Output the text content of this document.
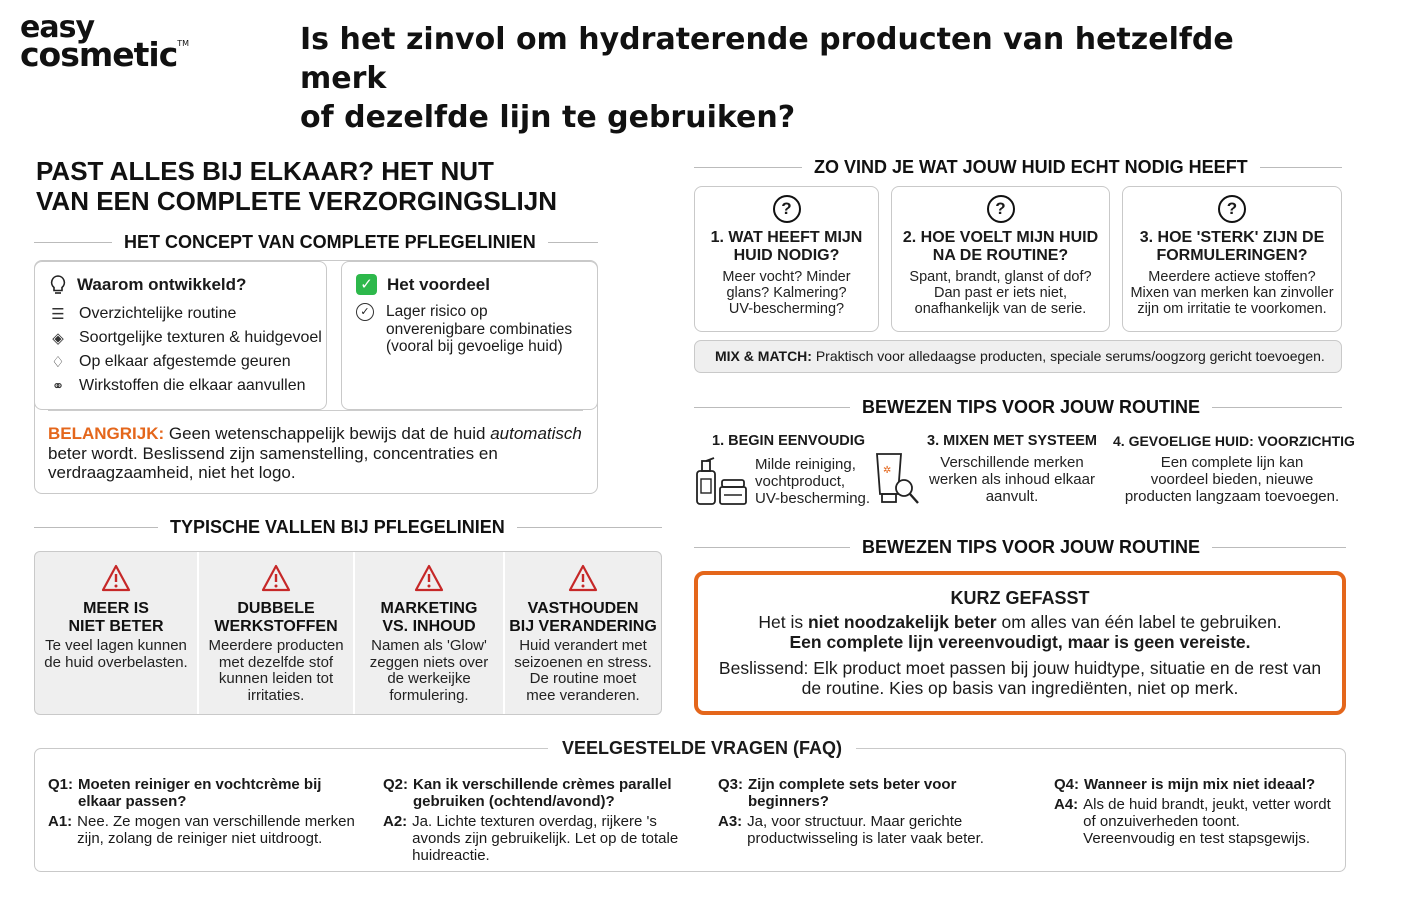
easy
cosmetic™	Is het zinvol om hydraterende producten van hetzelfde merk
of dezelfde lijn te gebruiken?
PAST ALLES BIJ ELKAAR? HET NUT
VAN EEN COMPLETE VERZORGINGSLIJN
HET CONCEPT VAN COMPLETE PFLEGELINIEN
Waarom ontwikkeld?
☰ Overzichtelijke routine
◈ Soortgelijke texturen & huidgevoel
♢ Op elkaar afgestemde geuren
⚭ Wirkstoffen die elkaar aanvullen
✓ Het voordeel
✓ Lager risico op
onverenigbare combinaties
(vooral bij gevoelige huid)
BELANGRIJK: Geen wetenschappelijk bewijs dat de huid automatisch beter wordt. Beslissend zijn samenstelling, concentraties en verdraagzaamheid, niet het logo.
TYPISCHE VALLEN BIJ PFLEGELINIEN
MEER IS
NIET BETER
Te veel lagen kunnen
de huid overbelasten.
DUBBELE
WERKSTOFFEN
Meerdere producten
met dezelfde stof
kunnen leiden tot
irritaties.
MARKETING
VS. INHOUD
Namen als 'Glow'
zeggen niets over
de werkeijke
formulering.
VASTHOUDEN
BIJ VERANDERING
Huid verandert met
seizoenen en stress.
De routine moet
mee veranderen.
ZO VIND JE WAT JOUW HUID ECHT NODIG HEEFT
?
1. WAT HEEFT MIJN
HUID NODIG?
Meer vocht? Minder
glans? Kalmering?
UV-bescherming?
?
2. HOE VOELT MIJN HUID
NA DE ROUTINE?
Spant, brandt, glanst of dof?
Dan past er iets niet,
onafhankelijk van de serie.
?
3. HOE 'STERK' ZIJN DE
FORMULERINGEN?
Meerdere actieve stoffen?
Mixen van merken kan zinvoller
zijn om irritatie te voorkomen.
MIX & MATCH: Praktisch voor alledaagse producten, speciale serums/oogzorg gericht toevoegen.
BEWEZEN TIPS VOOR JOUW ROUTINE
1. BEGIN EENVOUDIG
Milde reiniging,
vochtproduct,
UV-bescherming.
✲
3. MIXEN MET SYSTEEM
Verschillende merken
werken als inhoud elkaar
aanvult.
4. GEVOELIGE HUID: VOORZICHTIG
Een complete lijn kan
voordeel bieden, nieuwe
producten langzaam toevoegen.
BEWEZEN TIPS VOOR JOUW ROUTINE
KURZ GEFASST

Het is niet noodzakelijk beter om alles van één label te gebruiken. Een complete lijn vereenvoudigt, maar is geen vereiste.

Beslissend: Elk product moet passen bij jouw huidtype, situatie en de rest van
de routine. Kies op basis van ingrediënten, niet op merk.

VEELGESTELDE VRAGEN (FAQ)
Q1: Moeten reiniger en vochtcrème bij elkaar passen?
A1: Nee. Ze mogen van verschillende merken zijn, zolang de reiniger niet uitdroogt.
Q2: Kan ik verschillende crèmes parallel gebruiken (ochtend/avond)?
A2: Ja. Lichte texturen overdag, rijkere 's avonds zijn gebruikelijk. Let op de totale huidreactie.
Q3: Zijn complete sets beter voor beginners?
A3: Ja, voor structuur. Maar gerichte productwisseling is later vaak beter.
Q4: Wanneer is mijn mix niet ideaal?
A4: Als de huid brandt, jeukt, vetter wordt of onzuiverheden toont. Vereenvoudig en test stapsgewijs.
